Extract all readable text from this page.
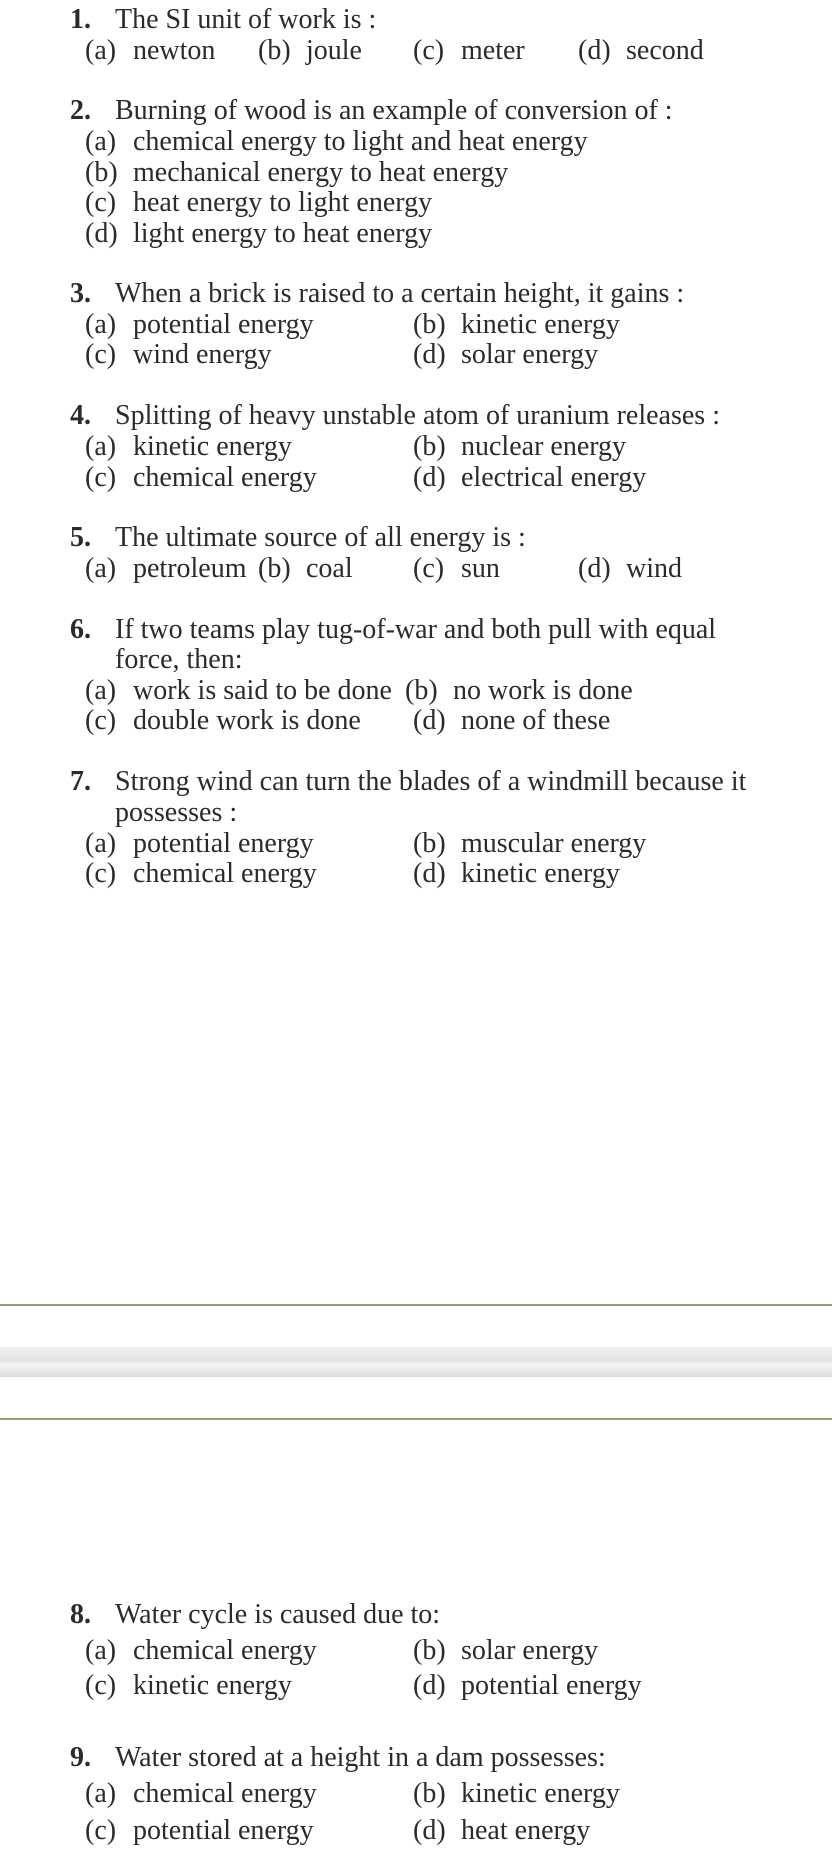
1. The SI unit of work is :
(a) newton (b) joule (c) meter (d) second
2. Burning of wood is an example of conversion of :
(a) chemical energy to light and heat energy
(b) mechanical energy to heat energy
(c) heat energy to light energy
(d) light energy to heat energy
3. When a brick is raised to a certain height, it gains :
(a) potential energy	(b) kinetic energy
(c) wind energy	(d) solar energy
4. Splitting of heavy unstable atom of uranium releases :
(a) kinetic energy	(b) nuclear energy
(c) chemical energy	(d) electrical energy
5. The ultimate source of all energy is :
(a) petroleum (b) coal (c) sun	(d) wind
6. If two teams play tug-of-war and both pull with equal
force, then:
(a) work is said to be done (b) no work is done
(c) double work is done (d) none of these
7. Strong wind can turn the blades of a windmill because it
possesses :
(a) potential energy	(b) muscular energy
(c) chemical energy	(d) kinetic energy
8. Water cycle is caused due to:
(a) chemical energy	(b) solar energy
(c) kinetic energy	(d) potential energy
9. Water stored at a height in a dam possesses:
(a) chemical energy	(b) kinetic energy
(c) potential energy	(d) heat energy
